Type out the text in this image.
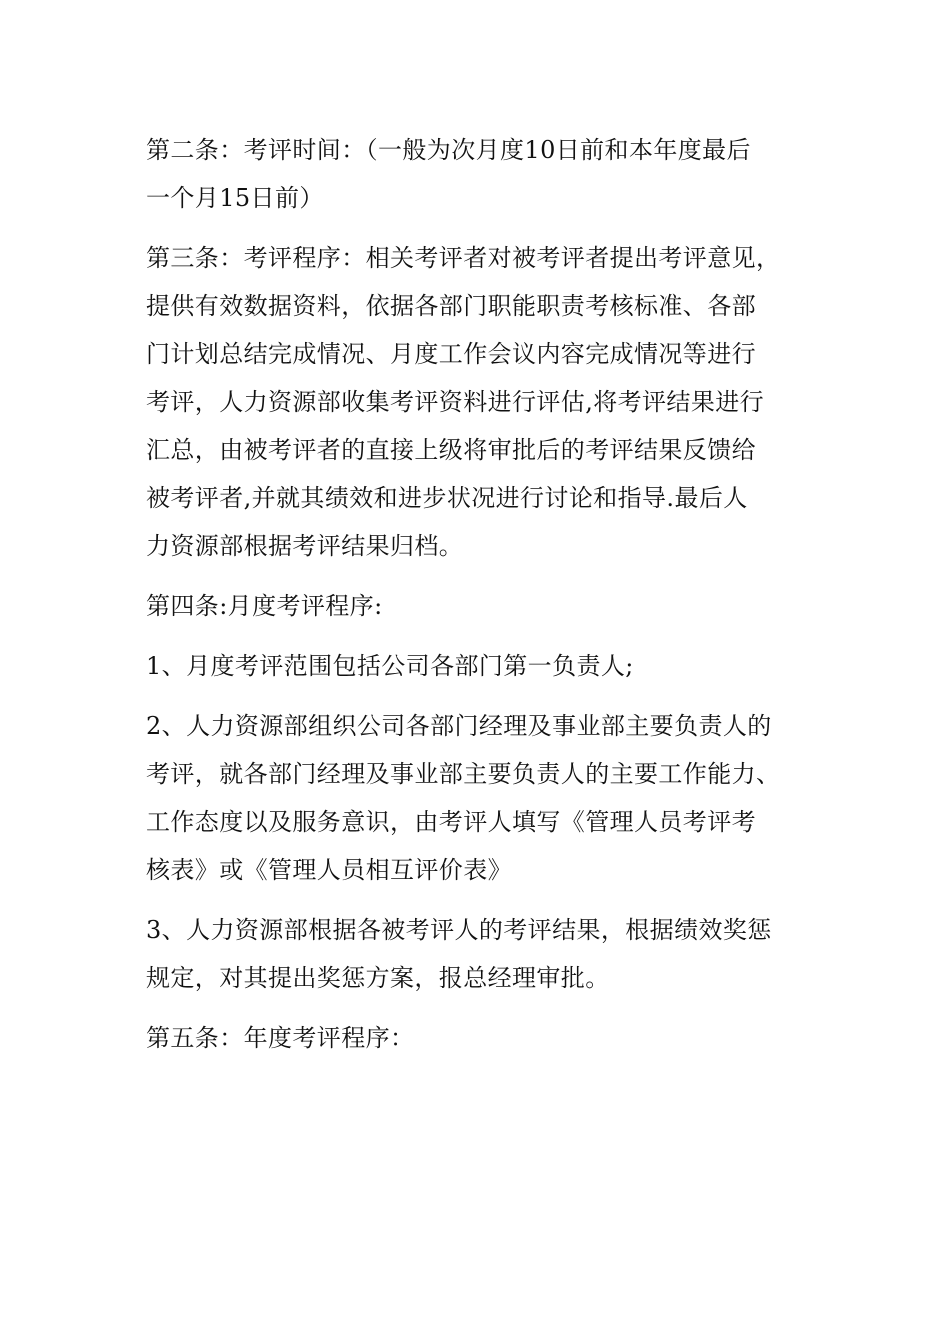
第二条：考评时间：（一般为次月度10日前和本年度最后
一个月15日前）

第三条：考评程序：相关考评者对被考评者提出考评意见，
提供有效数据资料，依据各部门职能职责考核标准、各部
门计划总结完成情况、月度工作会议内容完成情况等进行
考评，人力资源部收集考评资料进行评估,将考评结果进行
汇总，由被考评者的直接上级将审批后的考评结果反馈给
被考评者,并就其绩效和进步状况进行讨论和指导.最后人
力资源部根据考评结果归档。

第四条:月度考评程序:

1、月度考评范围包括公司各部门第一负责人;

2、人力资源部组织公司各部门经理及事业部主要负责人的
考评，就各部门经理及事业部主要负责人的主要工作能力、
工作态度以及服务意识，由考评人填写《管理人员考评考
核表》或《管理人员相互评价表》

3、人力资源部根据各被考评人的考评结果，根据绩效奖惩
规定，对其提出奖惩方案，报总经理审批。

第五条：年度考评程序：
